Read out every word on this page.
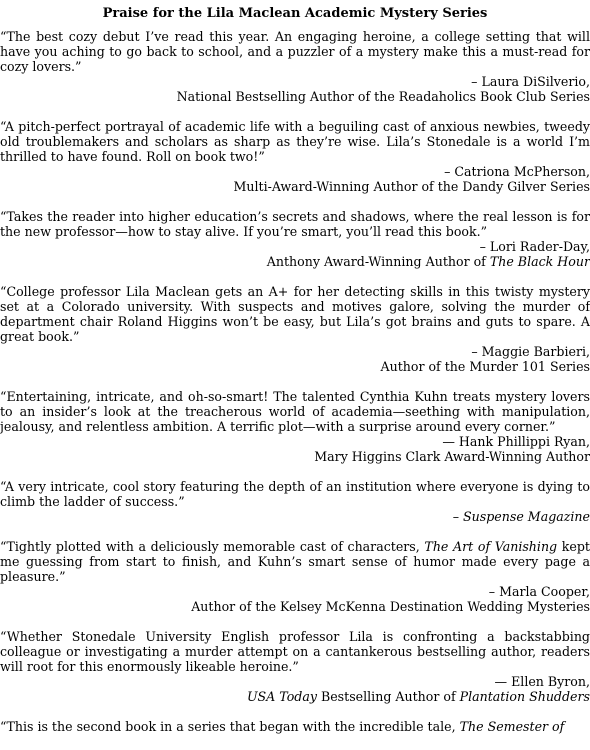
Praise for the Lila Maclean Academic Mystery Series
“The best cozy debut I’ve read this year. An engaging heroine, a college setting that will have you aching to go back to school, and a puzzler of a mystery make this a must-read for cozy lovers.”
– Laura DiSilverio,
National Bestselling Author of the Readaholics Book Club Series
“A pitch-perfect portrayal of academic life with a beguiling cast of anxious newbies, tweedy old troublemakers and scholars as sharp as they’re wise. Lila’s Stonedale is a world I’m thrilled to have found. Roll on book two!”
– Catriona McPherson,
Multi-Award-Winning Author of the Dandy Gilver Series
“Takes the reader into higher education’s secrets and shadows, where the real lesson is for the new professor—how to stay alive. If you’re smart, you’ll read this book.”
– Lori Rader-Day,
Anthony Award-Winning Author of The Black Hour
“College professor Lila Maclean gets an A+ for her detecting skills in this twisty mystery set at a Colorado university. With suspects and motives galore, solving the murder of department chair Roland Higgins won’t be easy, but Lila’s got brains and guts to spare. A great book.”
– Maggie Barbieri,
Author of the Murder 101 Series
“Entertaining, intricate, and oh-so-smart! The talented Cynthia Kuhn treats mystery lovers to an insider’s look at the treacherous world of academia—seething with manipulation, jealousy, and relentless ambition. A terrific plot—with a surprise around every corner.”
— Hank Phillippi Ryan,
Mary Higgins Clark Award-Winning Author
“A very intricate, cool story featuring the depth of an institution where everyone is dying to climb the ladder of success.”
– Suspense Magazine
“Tightly plotted with a deliciously memorable cast of characters, The Art of Vanishing kept me guessing from start to finish, and Kuhn’s smart sense of humor made every page a pleasure.”
– Marla Cooper,
Author of the Kelsey McKenna Destination Wedding Mysteries
“Whether Stonedale University English professor Lila is confronting a backstabbing colleague or investigating a murder attempt on a cantankerous bestselling author, readers will root for this enormously likeable heroine.”
— Ellen Byron,
USA Today Bestselling Author of Plantation Shudders
“This is the second book in a series that began with the incredible tale, The Semester of
